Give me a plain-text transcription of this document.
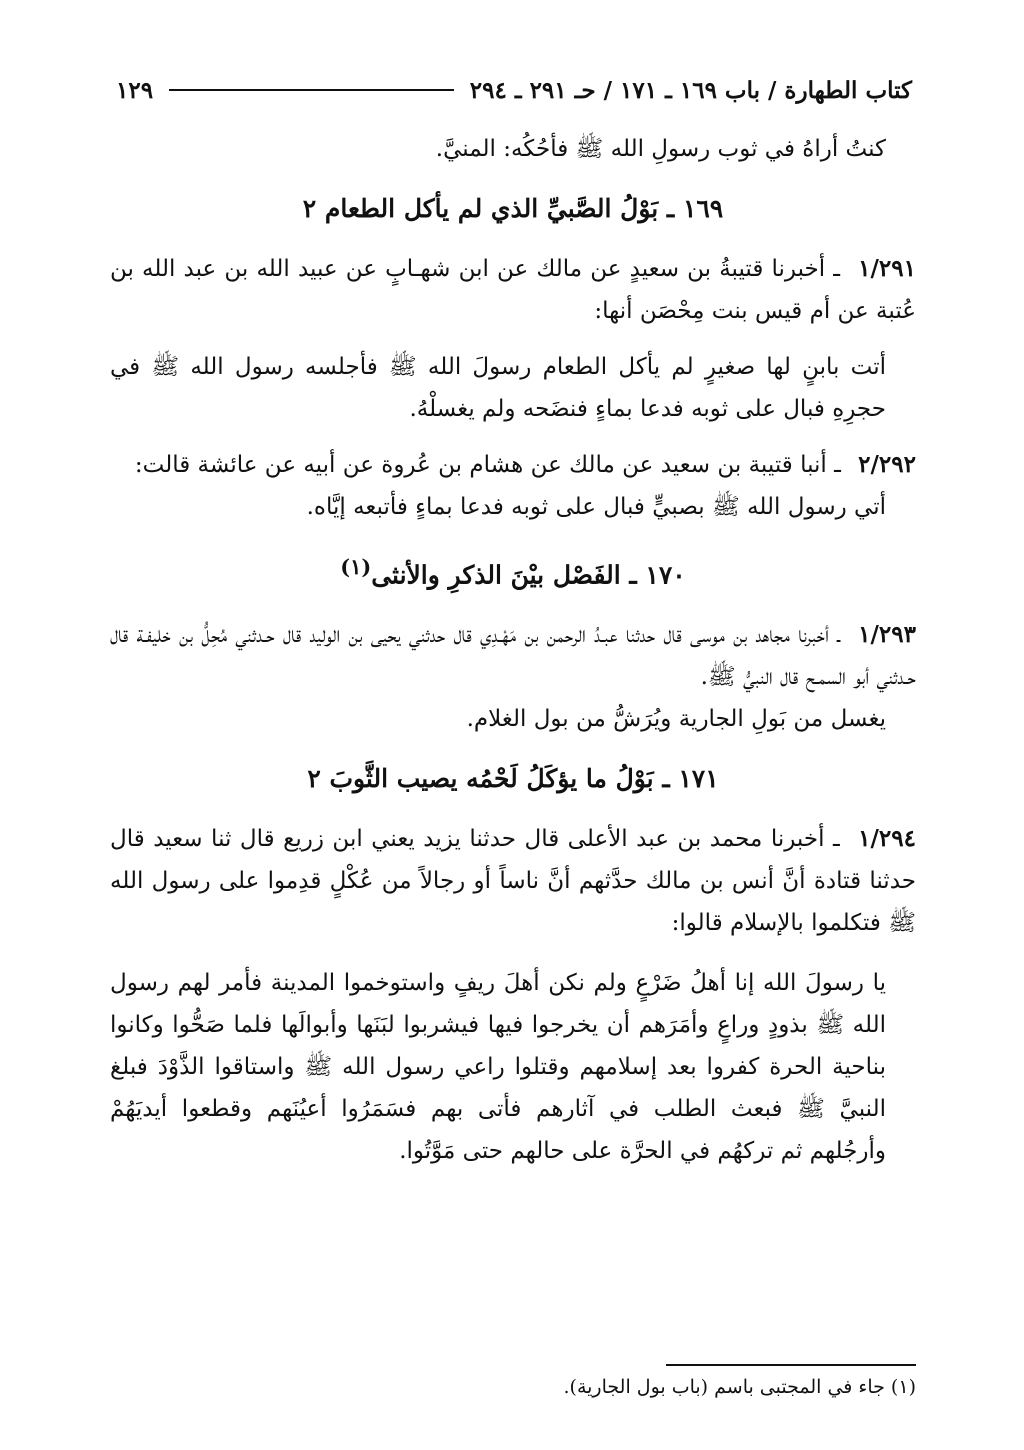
كتاب الطهارة / باب ١٦٩ ـ ١٧١ / حـ ٢٩١ ـ ٢٩٤
١٢٩

كنتُ أراهُ في ثوب رسولِ الله ﷺ فأحُكُه: المنيَّ.

١٦٩ ـ بَوْلُ الصَّبيِّ الذي لم يأكل الطعام ٢

١/٢٩١ ـ أخبرنا قتيبةُ بن سعيدٍ عن مالك عن ابن شهـابٍ عن عبيد الله بن عبد الله بن عُتبة عن أم قيس بنت مِحْصَن أنها:

أتت بابنٍ لها صغيرٍ لم يأكل الطعام رسولَ الله ﷺ فأجلسه رسول الله ﷺ في حجرِهِ فبال على ثوبه فدعا بماءٍ فنضَحه ولم يغسلْهُ.

٢/٢٩٢ ـ أنبا قتيبة بن سعيد عن مالك عن هشام بن عُروة عن أبيه عن عائشة قالت:

أتي رسول الله ﷺ بصبيٍّ فبال على ثوبه فدعا بماءٍ فأتبعه إيَّاه.

١٧٠ ـ الفَصْل بيْنَ الذكرِ والأنثى$^{(١)}$

١/٢٩٣ ـ أخبرنا مجاهد بن موسى قال حدثنا عبـدُ الرحمن بن مَهْـدِي قال حدثني يحيى بن الوليد قال حـدثني مُحِلُّ بن خليفـة قال حـدثني أبو السمـح قال النبيُّ ﷺ.

يغسل من بَولِ الجارية ويُرَشُّ من بول الغلام.

١٧١ ـ بَوْلُ ما يؤكَلُ لَحْمُه يصيب الثَّوبَ ٢

١/٢٩٤ ـ أخبرنا محمد بن عبد الأعلى قال حدثنا يزيد يعني ابن زريع قال ثنا سعيد قال حدثنا قتادة أنَّ أنس بن مالك حدَّثهم أنَّ ناساً أو رجالاً من عُكْلٍ قدِموا على رسول الله ﷺ فتكلموا بالإسلام قالوا:

يا رسولَ الله إنا أهلُ ضَرْعٍ ولم نكن أهلَ ريفٍ واستوخموا المدينة فأمر لهم رسول الله ﷺ بذودٍ وراعٍ وأمَرَهم أن يخرجوا فيها فيشربوا لبَنَها وأبوالَها فلما صَحُّوا وكانوا بناحية الحرة كفروا بعد إسلامهم وقتلوا راعي رسول الله ﷺ واستاقوا الذَّوْدَ فبلغ النبيَّ ﷺ فبعث الطلب في آثارهم فأتى بهم فسَمَرُوا أعيُنَهم وقطعوا أيديَهُمْ وأرجُلهم ثم تركهُم في الحرَّة على حالهم حتى مَوَّتُوا.

(١) جاء في المجتبى باسم (باب بول الجارية).
